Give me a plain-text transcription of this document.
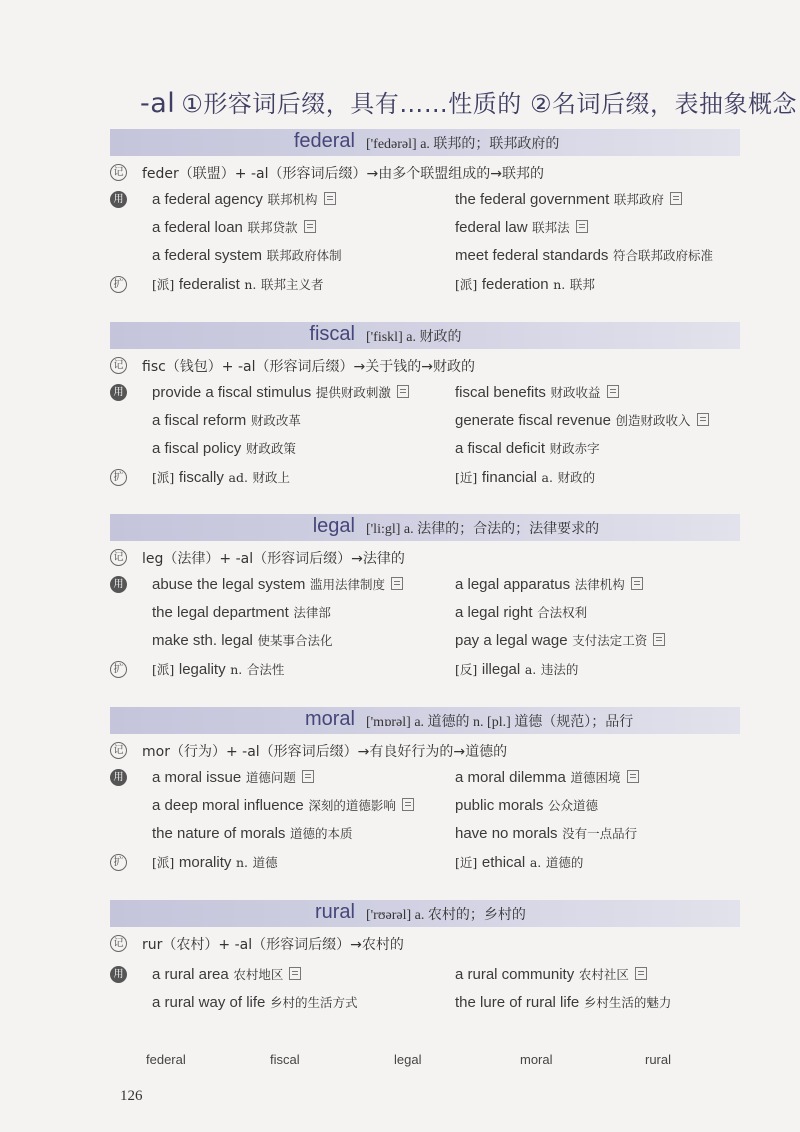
-al ①形容词后缀，具有……性质的 ②名词后缀，表抽象概念
federal ['fedərəl] a. 联邦的；联邦政府的
记 feder（联盟）+ -al（形容词后缀）→由多个联盟组成的→联邦的
用 a federal agency 联邦机构	the federal government 联邦政府
a federal loan 联邦贷款	federal law 联邦法
a federal system 联邦政府体制	meet federal standards 符合联邦政府标准
扩 [派] federalist n. 联邦主义者	[派] federation n. 联邦
fiscal ['fiskl] a. 财政的
记 fisc（钱包）+ -al（形容词后缀）→关于钱的→财政的
用 provide a fiscal stimulus 提供财政刺激	fiscal benefits 财政收益
a fiscal reform 财政改革	generate fiscal revenue 创造财政收入
a fiscal policy 财政政策	a fiscal deficit 财政赤字
扩 [派] fiscally ad. 财政上	[近] financial a. 财政的
legal ['li:gl] a. 法律的；合法的；法律要求的
记 leg（法律）+ -al（形容词后缀）→法律的
用 abuse the legal system 滥用法律制度	a legal apparatus 法律机构
the legal department 法律部	a legal right 合法权利
make sth. legal 使某事合法化	pay a legal wage 支付法定工资
扩 [派] legality n. 合法性	[反] illegal a. 违法的
moral ['mɒrəl] a. 道德的 n. [pl.] 道德（规范）；品行
记 mor（行为）+ -al（形容词后缀）→有良好行为的→道德的
用 a moral issue 道德问题	a moral dilemma 道德困境
a deep moral influence 深刻的道德影响	public morals 公众道德
the nature of morals 道德的本质	have no morals 没有一点品行
扩 [派] morality n. 道德	[近] ethical a. 道德的
rural ['rʊərəl] a. 农村的；乡村的
记 rur（农村）+ -al（形容词后缀）→农村的
用 a rural area 农村地区	a rural community 农村社区
a rural way of life 乡村的生活方式	the lure of rural life 乡村生活的魅力
federal	fiscal	legal	moral	rural
126
